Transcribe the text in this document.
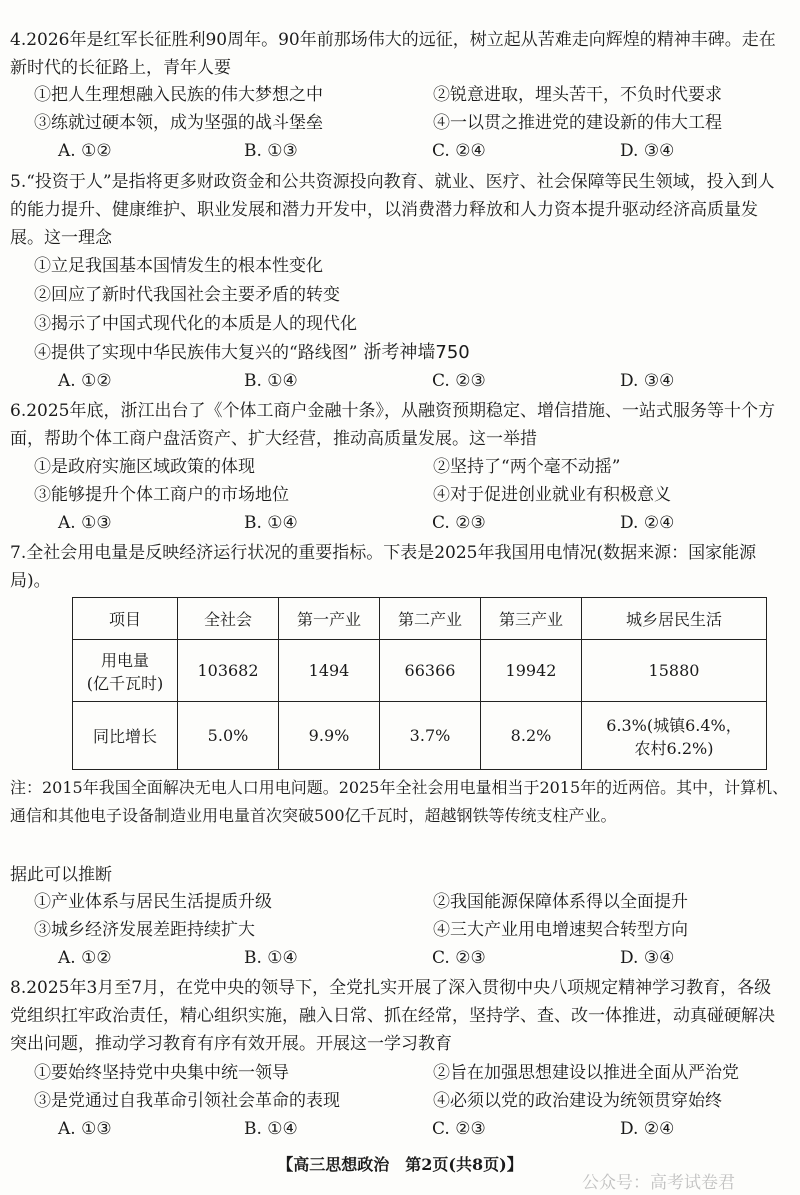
4.2026年是红军长征胜利90周年。90年前那场伟大的远征，树立起从苦难走向辉煌的精神丰碑。走在新时代的长征路上，青年人要

①把人生理想融入民族的伟大梦想之中	②锐意进取，埋头苦干，不负时代要求
③练就过硬本领，成为坚强的战斗堡垒	④一以贯之推进党的建设新的伟大工程
A. ①②	B. ①③	C. ②④	D. ③④

5.“投资于人”是指将更多财政资金和公共资源投向教育、就业、医疗、社会保障等民生领域，投入到人的能力提升、健康维护、职业发展和潜力开发中，以消费潜力释放和人力资本提升驱动经济高质量发展。这一理念

①立足我国基本国情发生的根本性变化
②回应了新时代我国社会主要矛盾的转变
③揭示了中国式现代化的本质是人的现代化
④提供了实现中华民族伟大复兴的“路线图” 浙考神墙750
A. ①②	B. ①④	C. ②③	D. ③④

6.2025年底，浙江出台了《个体工商户金融十条》，从融资预期稳定、增信措施、一站式服务等十个方面，帮助个体工商户盘活资产、扩大经营，推动高质量发展。这一举措

①是政府实施区域政策的体现	②坚持了“两个毫不动摇”
③能够提升个体工商户的市场地位	④对于促进创业就业有积极意义
A. ①③	B. ①④	C. ②③	D. ②④

7.全社会用电量是反映经济运行状况的重要指标。下表是2025年我国用电情况(数据来源：国家能源局)。

项目	全社会	第一产业	第二产业	第三产业	城乡居民生活

用电量
(亿千瓦时)	103682	1494	66366	19942	15880
同比增长	5.0%	9.9%	3.7%	8.2%	6.3%(城镇6.4%，
农村6.2%)

注：2015年我国全面解决无电人口用电问题。2025年全社会用电量相当于2015年的近两倍。其中，计算机、通信和其他电子设备制造业用电量首次突破500亿千瓦时，超越钢铁等传统支柱产业。

据此可以推断
①产业体系与居民生活提质升级	②我国能源保障体系得以全面提升
③城乡经济发展差距持续扩大	④三大产业用电增速契合转型方向
A. ①②	B. ①④	C. ②③	D. ③④

8.2025年3月至7月，在党中央的领导下，全党扎实开展了深入贯彻中央八项规定精神学习教育，各级党组织扛牢政治责任，精心组织实施，融入日常、抓在经常，坚持学、查、改一体推进，动真碰硬解决突出问题，推动学习教育有序有效开展。开展这一学习教育

①要始终坚持党中央集中统一领导	②旨在加强思想建设以推进全面从严治党
③是党通过自我革命引领社会革命的表现	④必须以党的政治建设为统领贯穿始终
A. ①③	B. ①④	C. ②③	D. ②④
【高三思想政治　第2页(共8页)】
公众号：高考试卷君
